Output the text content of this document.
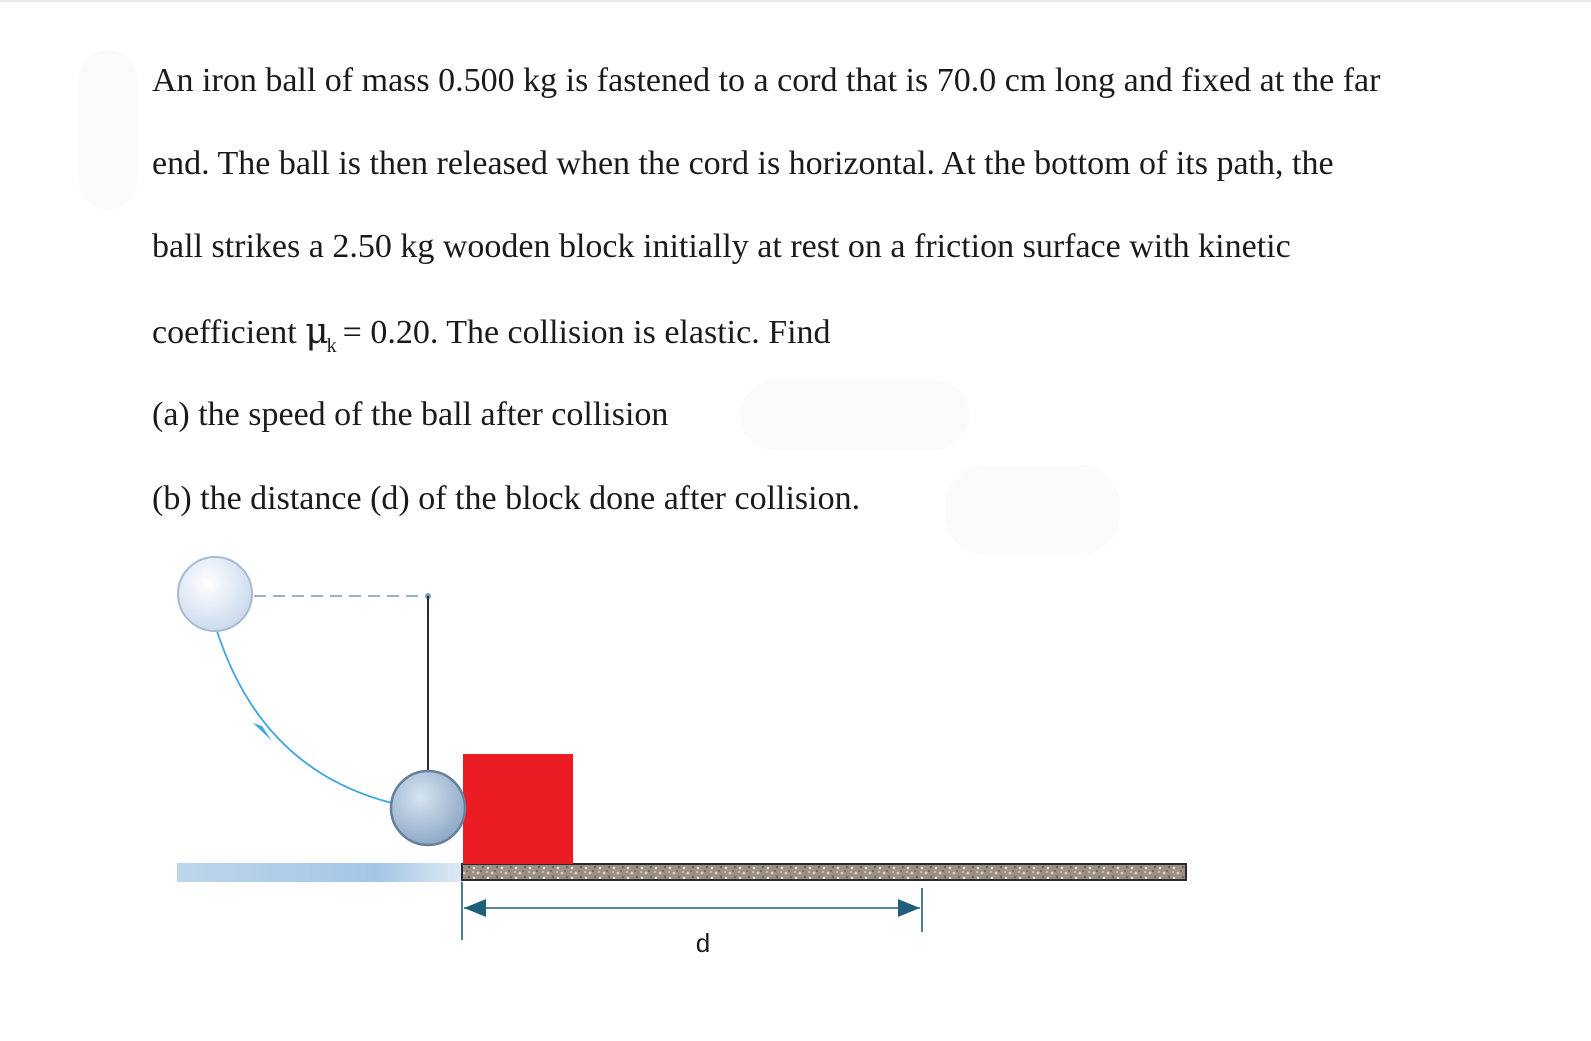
An iron ball of mass 0.500 kg is fastened to a cord that is 70.0 cm long and fixed at the far

end. The ball is then released when the cord is horizontal. At the bottom of its path, the

ball strikes a 2.50 kg wooden block initially at rest on a friction surface with kinetic

coefficient $\mu_k = 0.20$. The collision is elastic. Find

(a) the speed of the ball after collision

(b) the distance (d) of the block done after collision.

d
